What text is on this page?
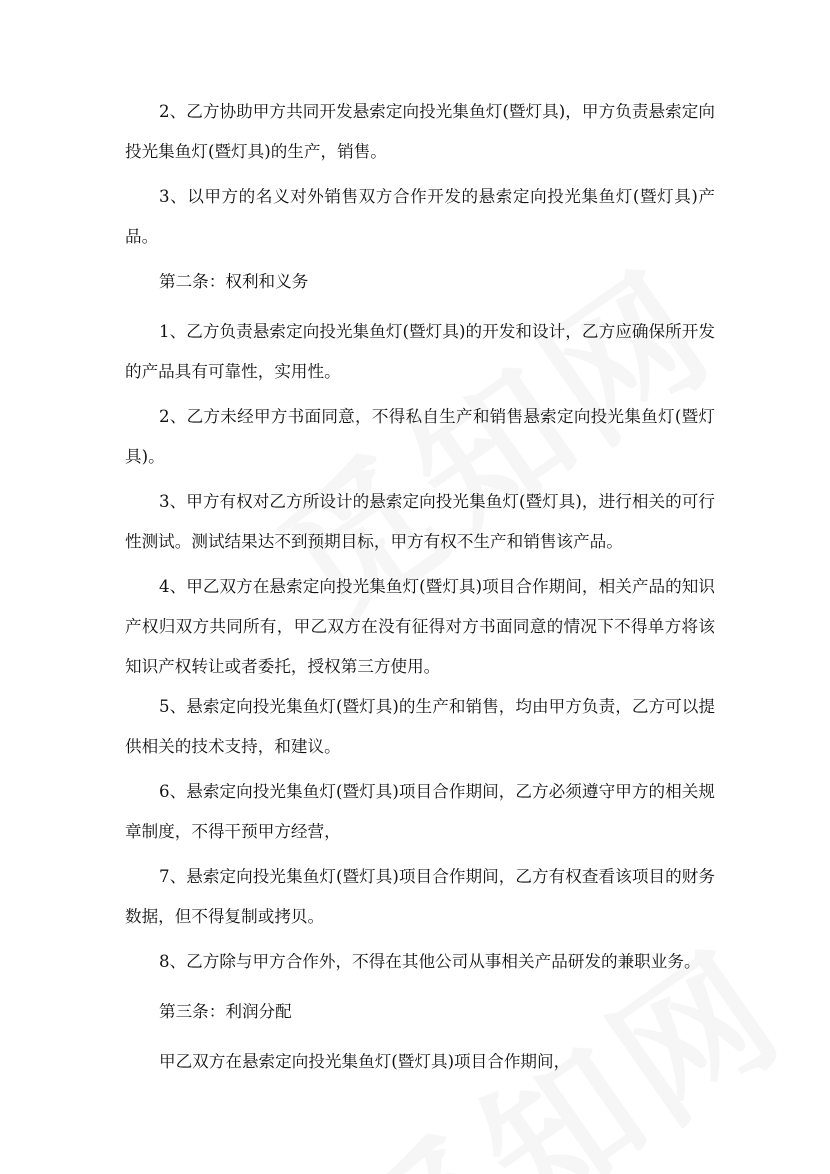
2、乙方协助甲方共同开发悬索定向投光集鱼灯(暨灯具)，甲方负责悬索定向投光集鱼灯(暨灯具)的生产，销售。

3、以甲方的名义对外销售双方合作开发的悬索定向投光集鱼灯(暨灯具)产品。

第二条：权利和义务

1、乙方负责悬索定向投光集鱼灯(暨灯具)的开发和设计，乙方应确保所开发的产品具有可靠性，实用性。

2、乙方未经甲方书面同意，不得私自生产和销售悬索定向投光集鱼灯(暨灯具)。

3、甲方有权对乙方所设计的悬索定向投光集鱼灯(暨灯具)，进行相关的可行性测试。测试结果达不到预期目标，甲方有权不生产和销售该产品。

4、甲乙双方在悬索定向投光集鱼灯(暨灯具)项目合作期间，相关产品的知识产权归双方共同所有，甲乙双方在没有征得对方书面同意的情况下不得单方将该知识产权转让或者委托，授权第三方使用。

5、悬索定向投光集鱼灯(暨灯具)的生产和销售，均由甲方负责，乙方可以提供相关的技术支持，和建议。

6、悬索定向投光集鱼灯(暨灯具)项目合作期间，乙方必须遵守甲方的相关规章制度，不得干预甲方经营，

7、悬索定向投光集鱼灯(暨灯具)项目合作期间，乙方有权查看该项目的财务数据，但不得复制或拷贝。

8、乙方除与甲方合作外，不得在其他公司从事相关产品研发的兼职业务。

第三条：利润分配

甲乙双方在悬索定向投光集鱼灯(暨灯具)项目合作期间，
